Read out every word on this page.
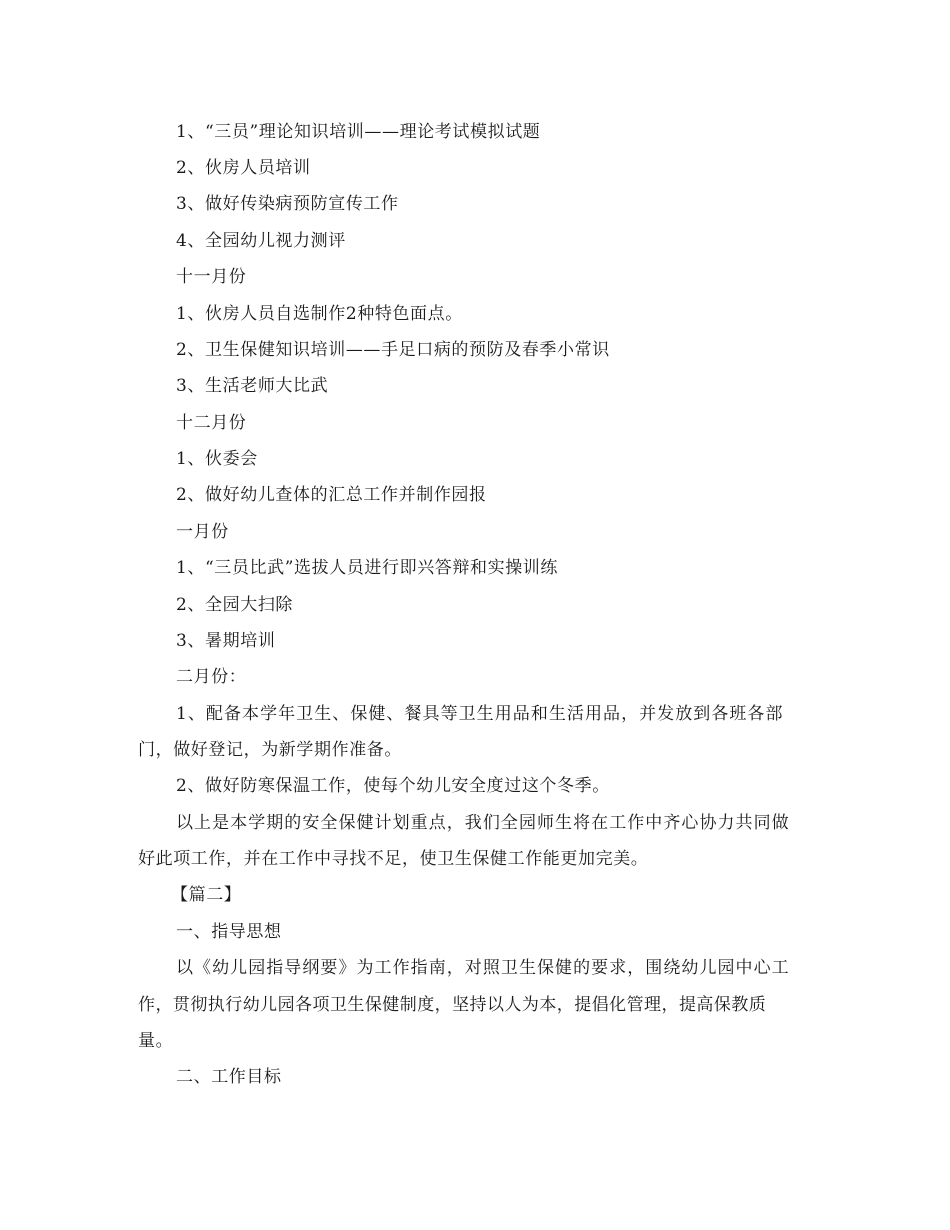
1、“三员”理论知识培训——理论考试模拟试题
2、伙房人员培训
3、做好传染病预防宣传工作
4、全园幼儿视力测评
十一月份
1、伙房人员自选制作2种特色面点。
2、卫生保健知识培训——手足口病的预防及春季小常识
3、生活老师大比武
十二月份
1、伙委会
2、做好幼儿查体的汇总工作并制作园报
一月份
1、“三员比武”选拔人员进行即兴答辩和实操训练
2、全园大扫除
3、暑期培训
二月份：
1、配备本学年卫生、保健、餐具等卫生用品和生活用品，并发放到各班各部
门，做好登记，为新学期作准备。
2、做好防寒保温工作，使每个幼儿安全度过这个冬季。
以上是本学期的安全保健计划重点，我们全园师生将在工作中齐心协力共同做
好此项工作，并在工作中寻找不足，使卫生保健工作能更加完美。
【篇二】
一、指导思想
以《幼儿园指导纲要》为工作指南，对照卫生保健的要求，围绕幼儿园中心工
作，贯彻执行幼儿园各项卫生保健制度，坚持以人为本，提倡化管理，提高保教质
量。
二、工作目标
